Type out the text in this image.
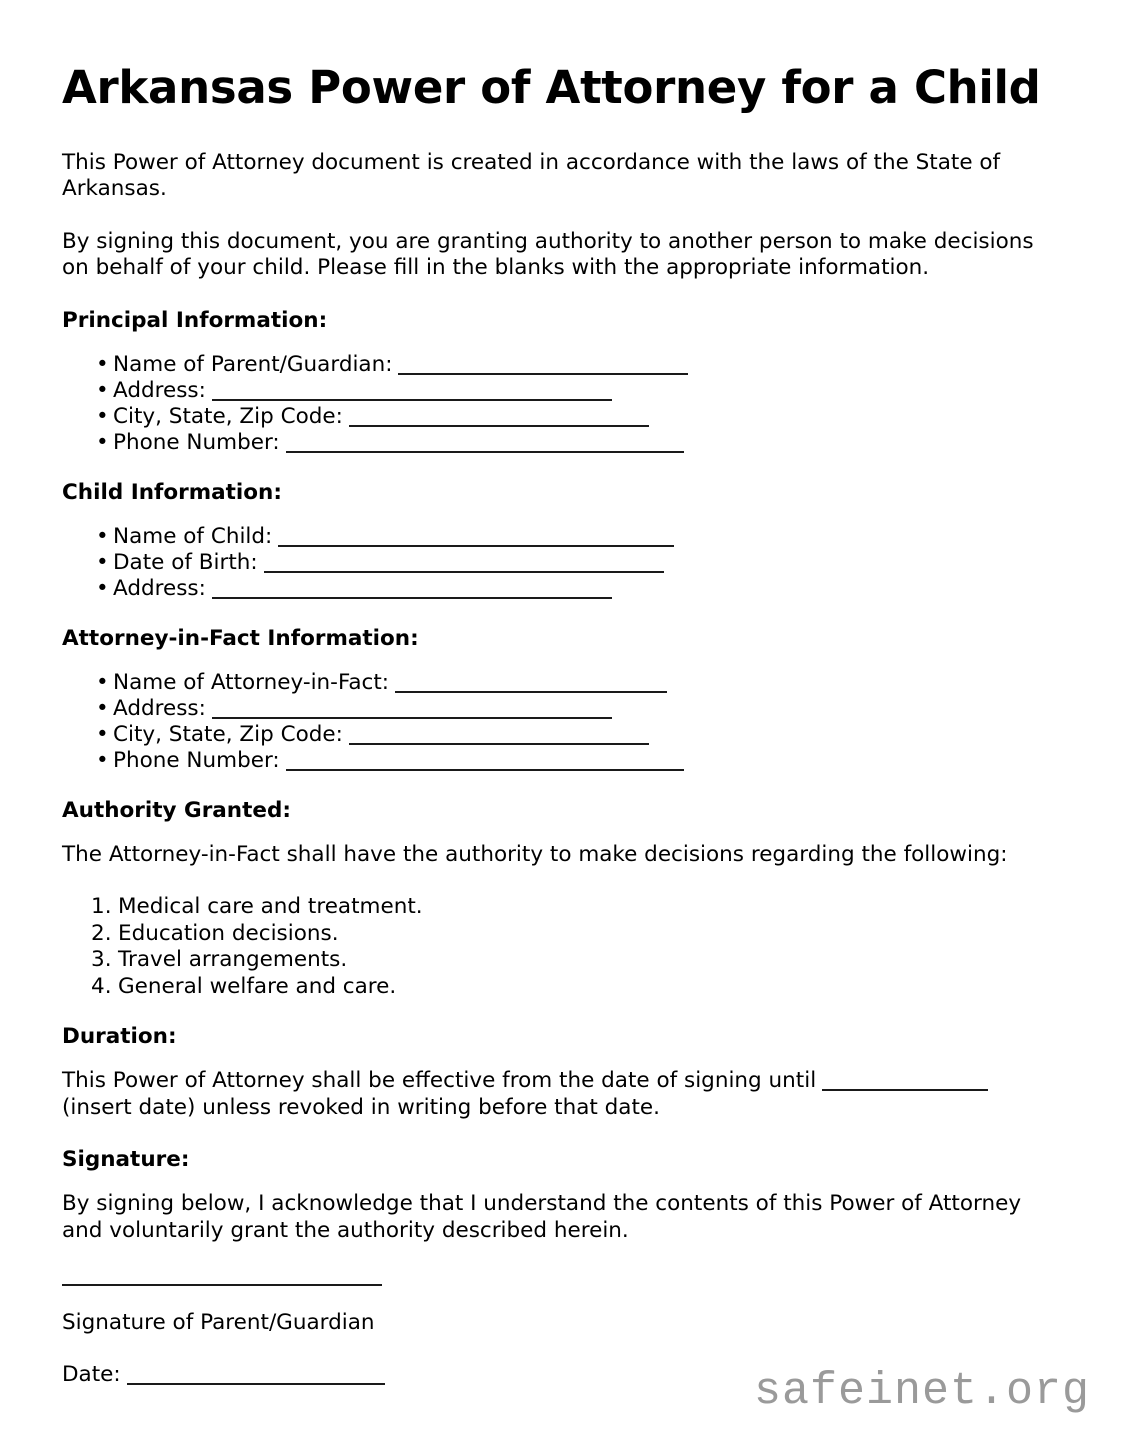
Arkansas Power of Attorney for a Child

This Power of Attorney document is created in accordance with the laws of the State of Arkansas.

By signing this document, you are granting authority to another person to make decisions on behalf of your child. Please fill in the blanks with the appropriate information.

Principal Information:
• Name of Parent/Guardian:
• Address:
• City, State, Zip Code:
• Phone Number:
Child Information:
• Name of Child:
• Date of Birth:
• Address:
Attorney-in-Fact Information:
• Name of Attorney-in-Fact:
• Address:
• City, State, Zip Code:
• Phone Number:
Authority Granted:

The Attorney-in-Fact shall have the authority to make decisions regarding the following:

Medical care and treatment.
Education decisions.
Travel arrangements.
General welfare and care.
Duration:

This Power of Attorney shall be effective from the date of signing until (insert date) unless revoked in writing before that date.

Signature:

By signing below, I acknowledge that I understand the contents of this Power of Attorney and voluntarily grant the authority described herein.

Signature of Parent/Guardian

Date:	safeinet.org
